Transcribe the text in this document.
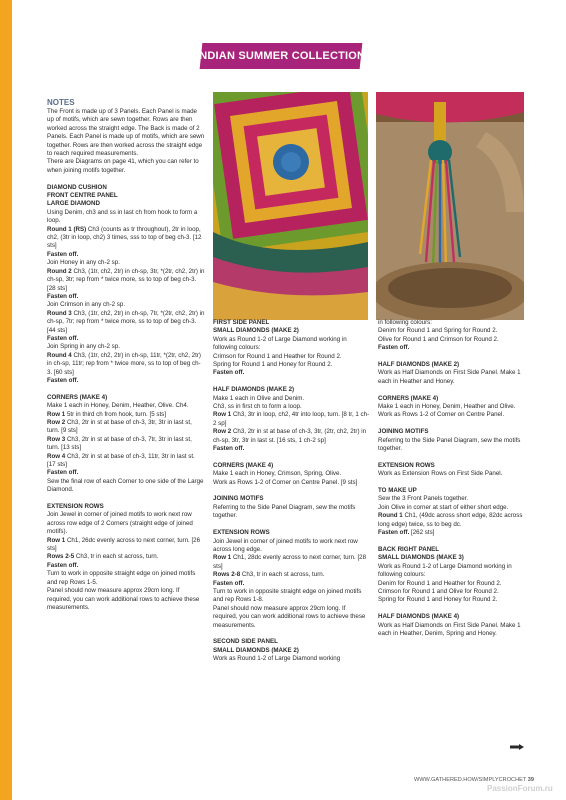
INDIAN SUMMER COLLECTION

NOTES

The Front is made up of 3 Panels. Each Panel is made up of motifs, which are sewn together. Rows are then worked across the straight edge. The Back is made of 2 Panels. Each Panel is made up of motifs, which are sewn together. Rows are then worked across the straight edge to reach required measurements.

There are Diagrams on page 41, which you can refer to when joining motifs together.

DIAMOND CUSHION

FRONT CENTRE PANEL

LARGE DIAMOND

Using Denim, ch3 and ss in last ch from hook to form a loop.

Round 1 (RS) Ch3 (counts as tr throughout), 2tr in loop, ch2, (3tr in loop, ch2) 3 times, sss to top of beg ch-3. [12 sts]

Fasten off.

Join Honey in any ch-2 sp.

Round 2 Ch3, (1tr, ch2, 2tr) in ch-sp, 3tr, *(2tr, ch2, 2tr) in ch-sp, 3tr; rep from * twice more, ss to top of beg ch-3. [28 sts]

Fasten off.

Join Crimson in any ch-2 sp.

Round 3 Ch3, (1tr, ch2, 2tr) in ch-sp, 7tr, *(2tr, ch2, 2tr) in ch-sp, 7tr; rep from * twice more, ss to top of beg ch-3. [44 sts]

Fasten off.

Join Spring in any ch-2 sp.

Round 4 Ch3, (1tr, ch2, 2tr) in ch-sp, 11tr, *(2tr, ch2, 2tr) in ch-sp, 11tr; rep from * twice more, ss to top of beg ch-3. [60 sts]

Fasten off.

CORNERS (MAKE 4)

Make 1 each in Honey, Denim, Heather, Olive. Ch4.

Row 1 5tr in third ch from hook, turn. [5 sts]

Row 2 Ch3, 2tr in st at base of ch-3, 3tr, 3tr in last st, turn. [9 sts]

Row 3 Ch3, 2tr in st at base of ch-3, 7tr, 3tr in last st, turn. [13 sts]

Row 4 Ch3, 2tr in st at base of ch-3, 11tr, 3tr in last st. [17 sts]

Fasten off.

Sew the final row of each Corner to one side of the Large Diamond.

EXTENSION ROWS

Join Jewel in corner of joined motifs to work next row across row edge of 2 Corners (straight edge of joined motifs).

Row 1 Ch1, 26dc evenly across to next corner, turn. [26 sts]

Rows 2-5 Ch3, tr in each st across, turn.

Fasten off.

Turn to work in opposite straight edge on joined motifs and rep Rows 1-5.

Panel should now measure approx 29cm long. If required, you can work additional rows to achieve these measurements.

FIRST SIDE PANEL

SMALL DIAMONDS (MAKE 2)

Work as Round 1-2 of Large Diamond working in following colours:

Crimson for Round 1 and Heather for Round 2.

Spring for Round 1 and Honey for Round 2.

Fasten off.

HALF DIAMONDS (MAKE 2)

Make 1 each in Olive and Denim.

Ch3, ss in first ch to form a loop.

Row 1 Ch3, 3tr in loop, ch2, 4tr into loop, turn. [8 tr, 1 ch-2 sp]

Row 2 Ch3, 2tr in st at base of ch-3, 3tr, (2tr, ch2, 2tr) in ch-sp, 3tr, 3tr in last st. [16 sts, 1 ch-2 sp]

Fasten off.

CORNERS (MAKE 4)

Make 1 each in Honey, Crimson, Spring, Olive.

Work as Rows 1-2 of Corner on Centre Panel. [9 sts]

JOINING MOTIFS

Referring to the Side Panel Diagram, sew the motifs together.

EXTENSION ROWS

Join Jewel in corner of joined motifs to work next row across long edge.

Row 1 Ch1, 28dc evenly across to next corner, turn. [28 sts]

Rows 2-8 Ch3, tr in each st across, turn.

Fasten off.

Turn to work in opposite straight edge on joined motifs and rep Rows 1-8.

Panel should now measure approx 29cm long. If required, you can work additional rows to achieve these measurements.

SECOND SIDE PANEL

SMALL DIAMONDS (MAKE 2)

Work as Round 1-2 of Large Diamond working

in following colours:

Denim for Round 1 and Spring for Round 2.

Olive for Round 1 and Crimson for Round 2.

Fasten off.

HALF DIAMONDS (MAKE 2)

Work as Half Diamonds on First Side Panel. Make 1 each in Heather and Honey.

CORNERS (MAKE 4)

Make 1 each in Honey, Denim, Heather and Olive.

Work as Rows 1-2 of Corner on Centre Panel.

JOINING MOTIFS

Referring to the Side Panel Diagram, sew the motifs together.

EXTENSION ROWS

Work as Extension Rows on First Side Panel.

TO MAKE UP

Sew the 3 Front Panels together.

Join Olive in corner at start of either short edge.

Round 1 Ch1, (49dc across short edge, 82dc across long edge) twice, ss to beg dc.

Fasten off. [262 sts]

BACK RIGHT PANEL

SMALL DIAMONDS (MAKE 3)

Work as Round 1-2 of Large Diamond working in following colours:

Denim for Round 1 and Heather for Round 2.

Crimson for Round 1 and Olive for Round 2.

Spring for Round 1 and Honey for Round 2.

HALF DIAMONDS (MAKE 4)

Work as Half Diamonds on First Side Panel. Make 1 each in Heather, Denim, Spring and Honey.

WWW.GATHERED.HOW/SIMPLYCROCHET 39
PassionForum.ru
